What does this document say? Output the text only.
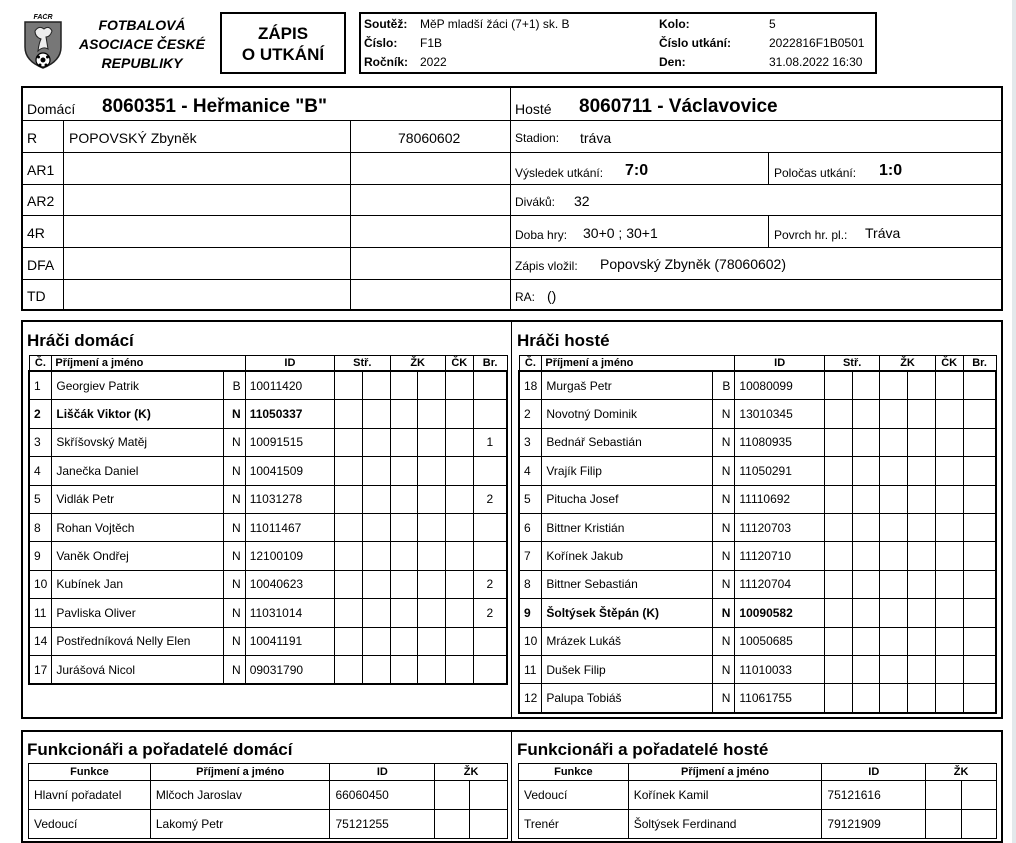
FAČR	FOTBALOVÁ
ASOCIACE ČESKÉ
REPUBLIKY
ZÁPIS
O UTKÁNÍ
Soutěž: MěP mladší žáci (7+1) sk. B	Kolo:	5
Číslo: F1B	Číslo utkání:	2022816F1B0501
Ročník: 2022	Den:	31.08.2022 16:30
Domácí 8060351 - Heřmanice "B"	Hosté 8060711 - Václavovice
R POPOVSKÝ Zbyněk	78060602
AR1
AR2
4R
DFA
TD
Stadion: tráva
Výsledek utkání: 7:0	Poločas utkání: 1:0
Diváků: 32
Doba hry: 30+0 ; 30+1	Povrch hr. pl.: Tráva
Zápis vložil: Popovský Zbyněk (78060602)
RA: ()
Hráči domácí	Hráči hosté
Č.	Příjmení a jméno		ID	Stř.		ŽK		ČK	Br.
1	Georgiev Patrik	B	10011420						
2	Liščák Viktor (K)	N	11050337						
3	Skříšovský Matěj	N	10091515						1
4	Janečka Daniel	N	10041509						
5	Vidlák Petr	N	11031278						2
8	Rohan Vojtěch	N	11011467						
9	Vaněk Ondřej	N	12100109						
10	Kubínek Jan	N	10040623						2
11	Pavliska Oliver	N	11031014						2
14	Postředníková Nelly Elen	N	10041191						
17	Jurášová Nicol	N	09031790						
Č.	Příjmení a jméno		ID	Stř.		ŽK		ČK	Br.
18	Murgaš Petr	B	10080099						
2	Novotný Dominik	N	13010345						
3	Bednář Sebastián	N	11080935						
4	Vrajík Filip	N	11050291						
5	Pitucha Josef	N	11110692						
6	Bittner Kristián	N	11120703						
7	Kořínek Jakub	N	11120710						
8	Bittner Sebastián	N	11120704						
9	Šoltýsek Štěpán (K)	N	10090582						
10	Mrázek Lukáš	N	10050685						
11	Dušek Filip	N	11010033						
12	Palupa Tobiáš	N	11061755						
Funkcionáři a pořadatelé domácí	Funkcionáři a pořadatelé hosté
Funkce	Příjmení a jméno	ID	ŽK	
Hlavní pořadatel	Mlčoch Jaroslav	66060450		
Vedoucí	Lakomý Petr	75121255		
Funkce	Příjmení a jméno	ID	ŽK	
Vedoucí	Kořínek Kamil	75121616		
Trenér	Šoltýsek Ferdinand	79121909		
